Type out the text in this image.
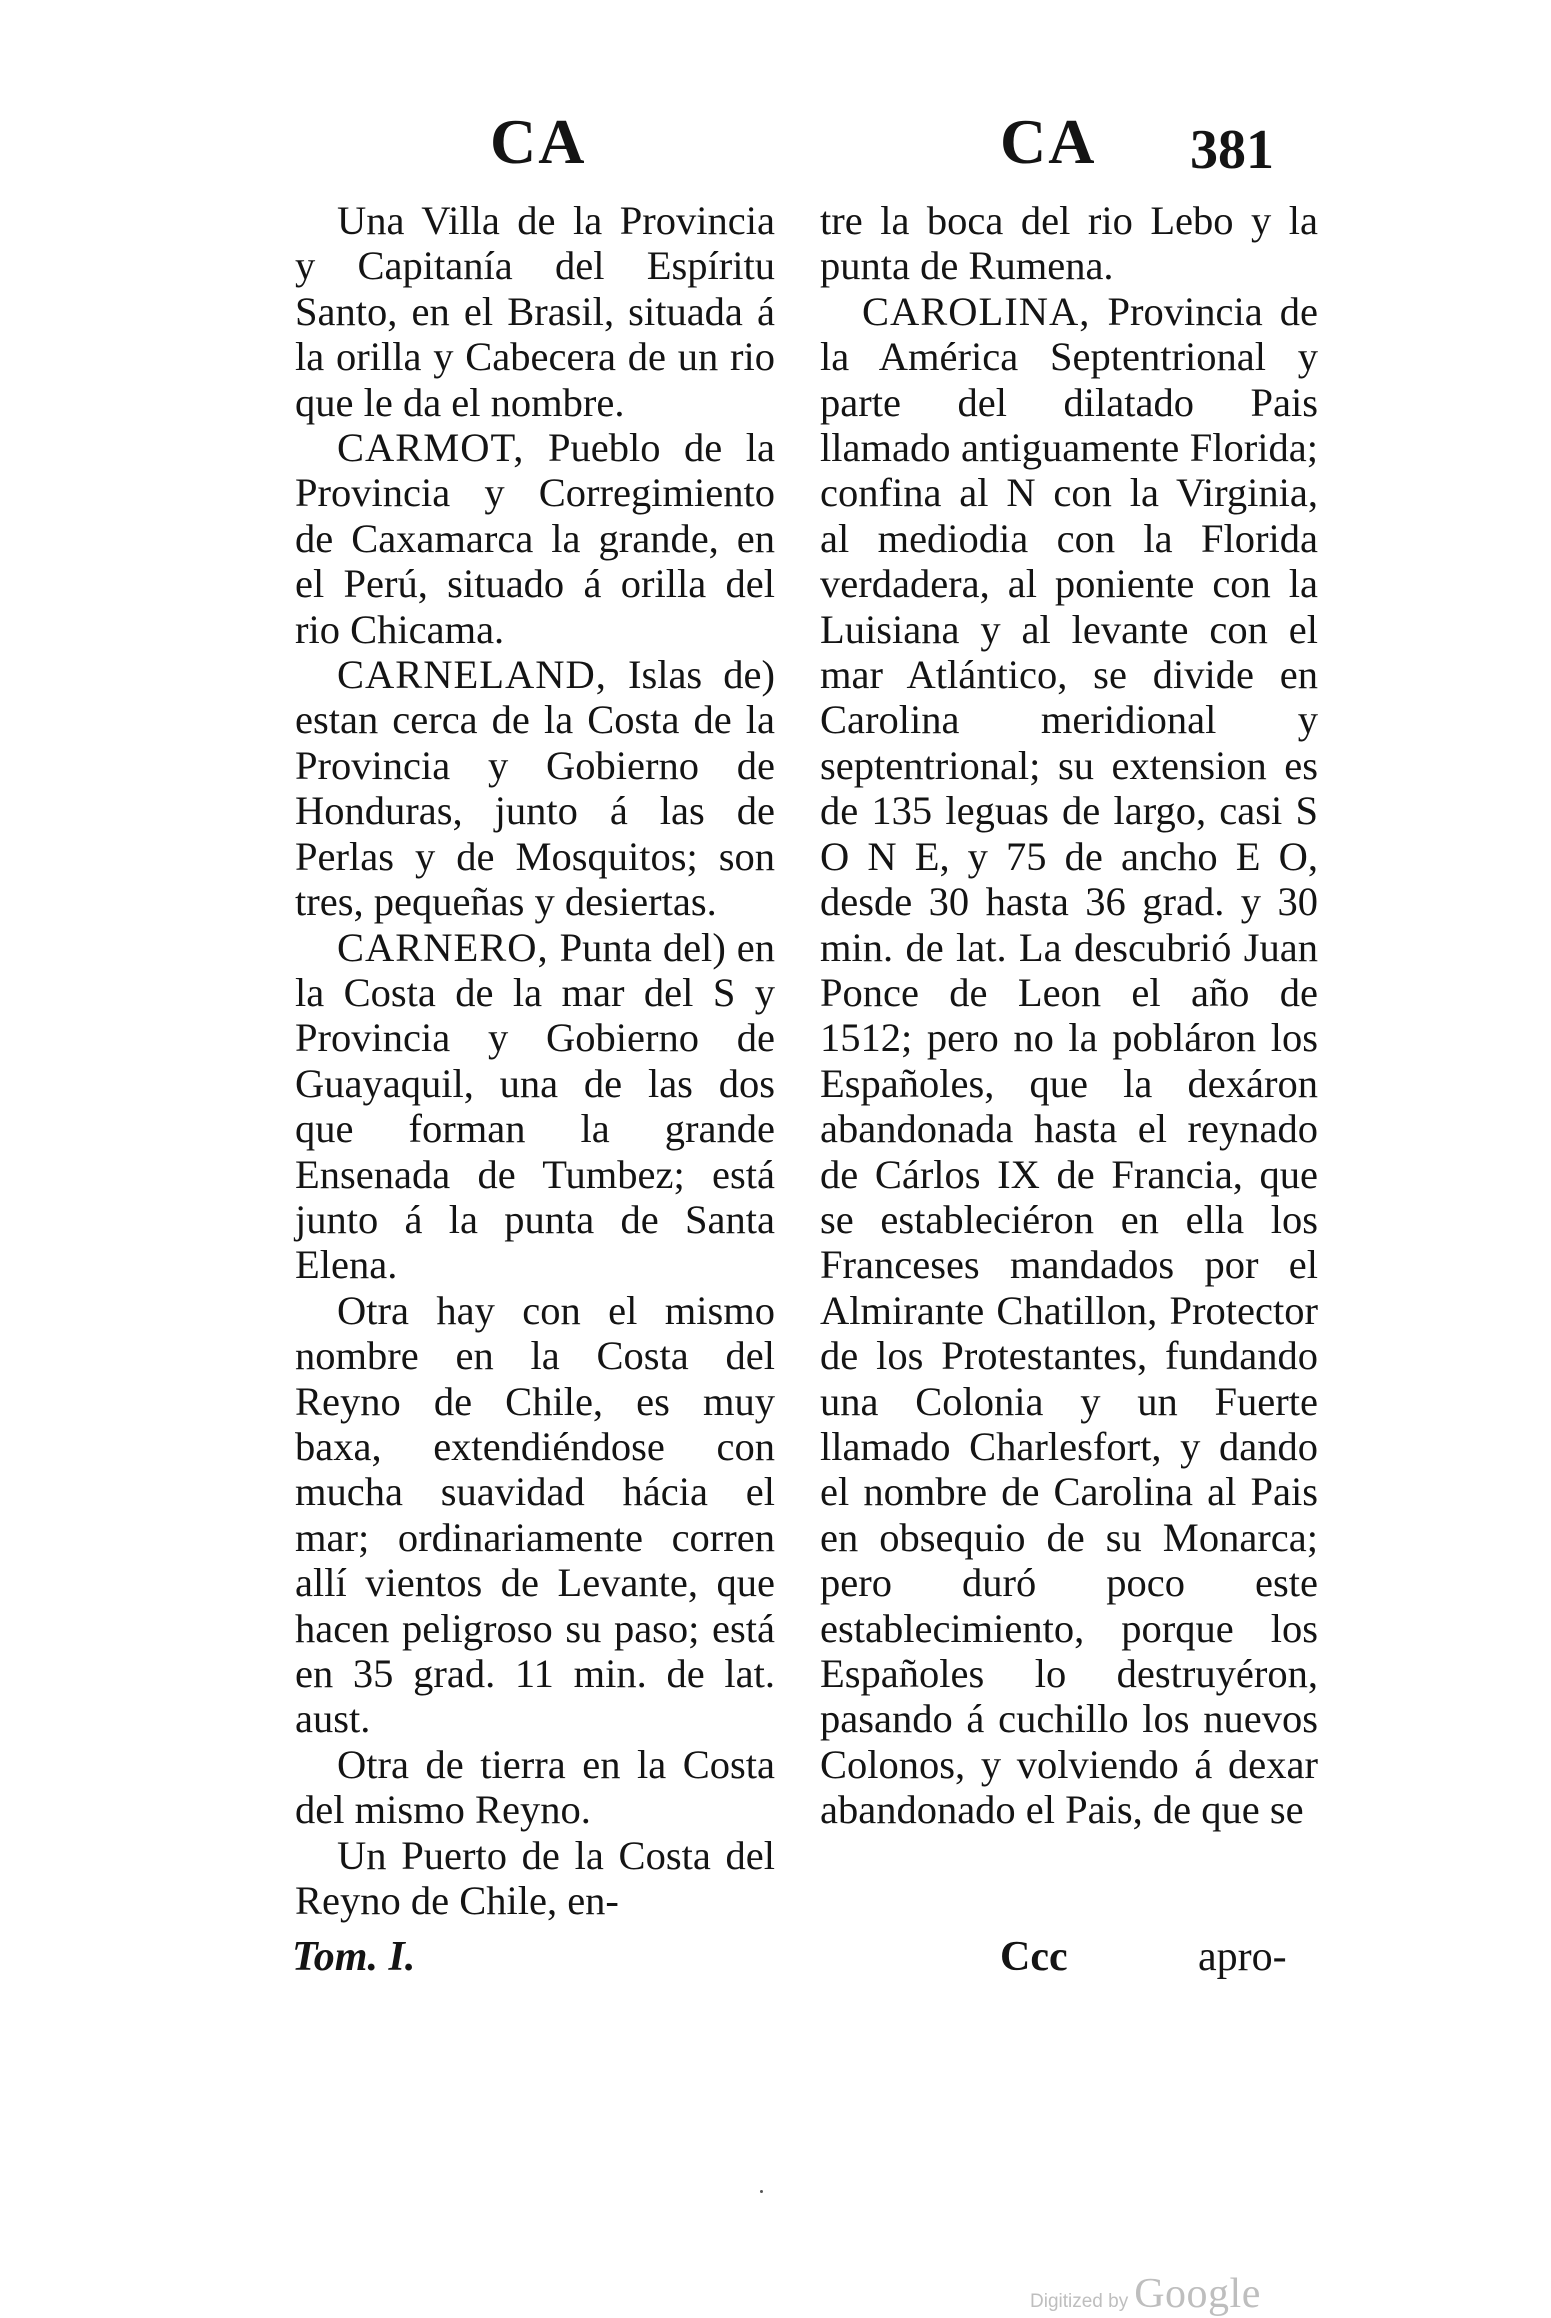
CA	CA 381

Una Villa de la Provincia y Capitanía del Espíritu Santo, en el Brasil, situada á la orilla y Cabecera de un rio que le da el nombre.

CARMOT, Pueblo de la Provincia y Corregimiento de Caxamarca la grande, en el Perú, situado á orilla del rio Chicama.

CARNELAND, Islas de) estan cerca de la Costa de la Provincia y Gobierno de Honduras, junto á las de Perlas y de Mosquitos; son tres, pequeñas y desiertas.

CARNERO, Punta del) en la Costa de la mar del S y Provincia y Gobierno de Guayaquil, una de las dos que forman la grande Ensenada de Tumbez; está junto á la punta de Santa Elena.

Otra hay con el mismo nombre en la Costa del Reyno de Chile, es muy baxa, extendiéndose con mucha suavidad hácia el mar; ordinariamente corren allí vientos de Levante, que hacen peligroso su paso; está en 35 grad. 11 min. de lat. aust.

Otra de tierra en la Costa del mismo Reyno.

Un Puerto de la Costa del Reyno de Chile, en-

tre la boca del rio Lebo y la punta de Rumena.

CAROLINA, Provincia de la América Septentrional y parte del dilatado Pais llamado antiguamente Florida; confina al N con la Virginia, al mediodia con la Florida verdadera, al poniente con la Luisiana y al levante con el mar Atlántico, se divide en Carolina meridional y septentrional; su extension es de 135 leguas de largo, casi S O N E, y 75 de ancho E O, desde 30 hasta 36 grad. y 30 min. de lat. La descubrió Juan Ponce de Leon el año de 1512; pero no la pobláron los Españoles, que la dexáron abandonada hasta el reynado de Cárlos IX de Francia, que se estableciéron en ella los Franceses mandados por el Almirante Chatillon, Protector de los Protestantes, fundando una Colonia y un Fuerte llamado Charlesfort, y dando el nombre de Carolina al Pais en obsequio de su Monarca; pero duró poco este establecimiento, porque los Españoles lo destruyéron, pasando á cuchillo los nuevos Colonos, y volviendo á dexar abandonado el Pais, de que se

Tom. I.	Ccc	apro-
Digitized by Google
